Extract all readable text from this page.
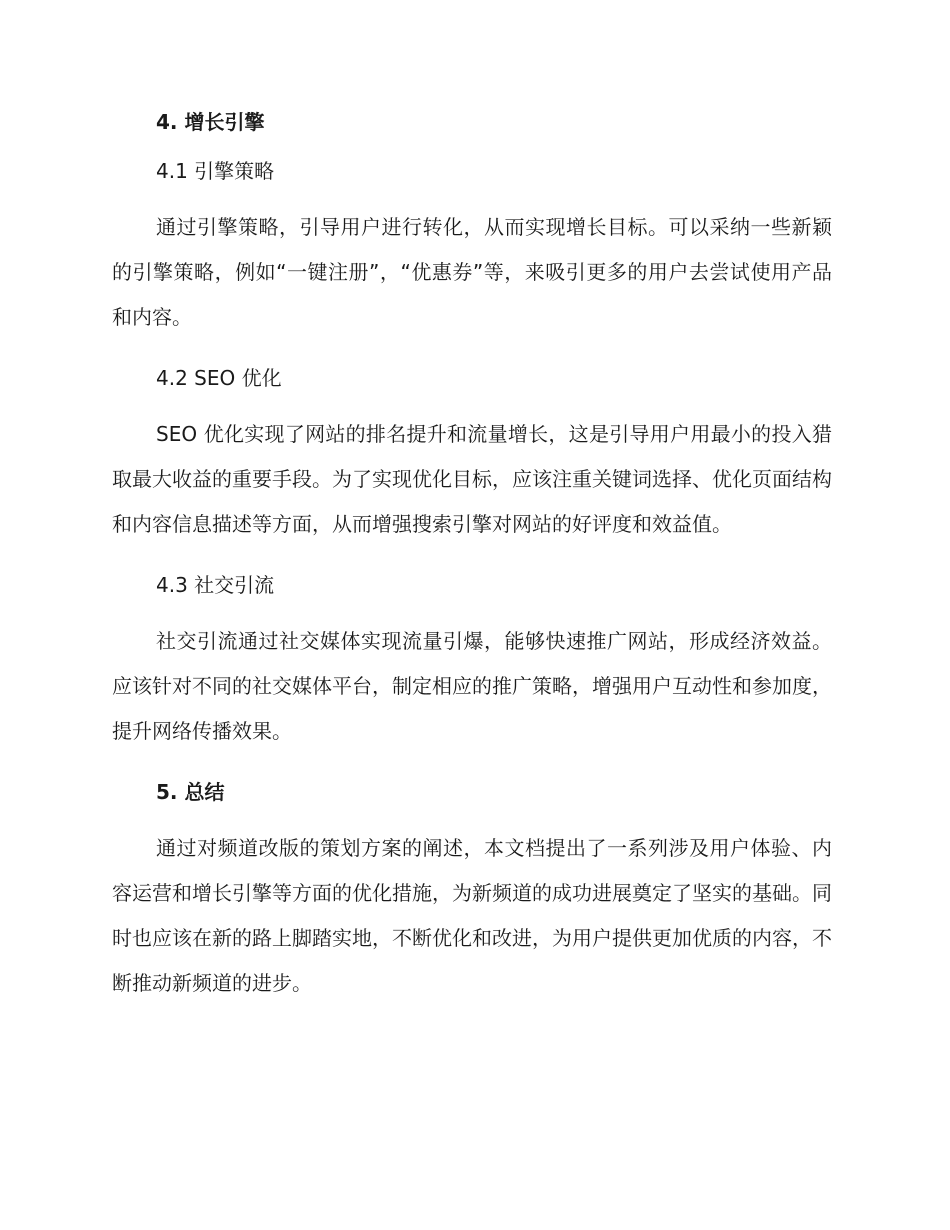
4. 增长引擎

4.1 引擎策略

通过引擎策略，引导用户进行转化，从而实现增长目标。可以采纳一些新颖的引擎策略，例如“一键注册”，“优惠券”等，来吸引更多的用户去尝试使用产品和内容。

4.2 SEO 优化

SEO 优化实现了网站的排名提升和流量增长，这是引导用户用最小的投入猎取最大收益的重要手段。为了实现优化目标，应该注重关键词选择、优化页面结构和内容信息描述等方面，从而增强搜索引擎对网站的好评度和效益值。

4.3 社交引流

社交引流通过社交媒体实现流量引爆，能够快速推广网站，形成经济效益。应该针对不同的社交媒体平台，制定相应的推广策略，增强用户互动性和参加度，提升网络传播效果。

5. 总结

通过对频道改版的策划方案的阐述，本文档提出了一系列涉及用户体验、内容运营和增长引擎等方面的优化措施，为新频道的成功进展奠定了坚实的基础。同时也应该在新的路上脚踏实地，不断优化和改进，为用户提供更加优质的内容，不断推动新频道的进步。
